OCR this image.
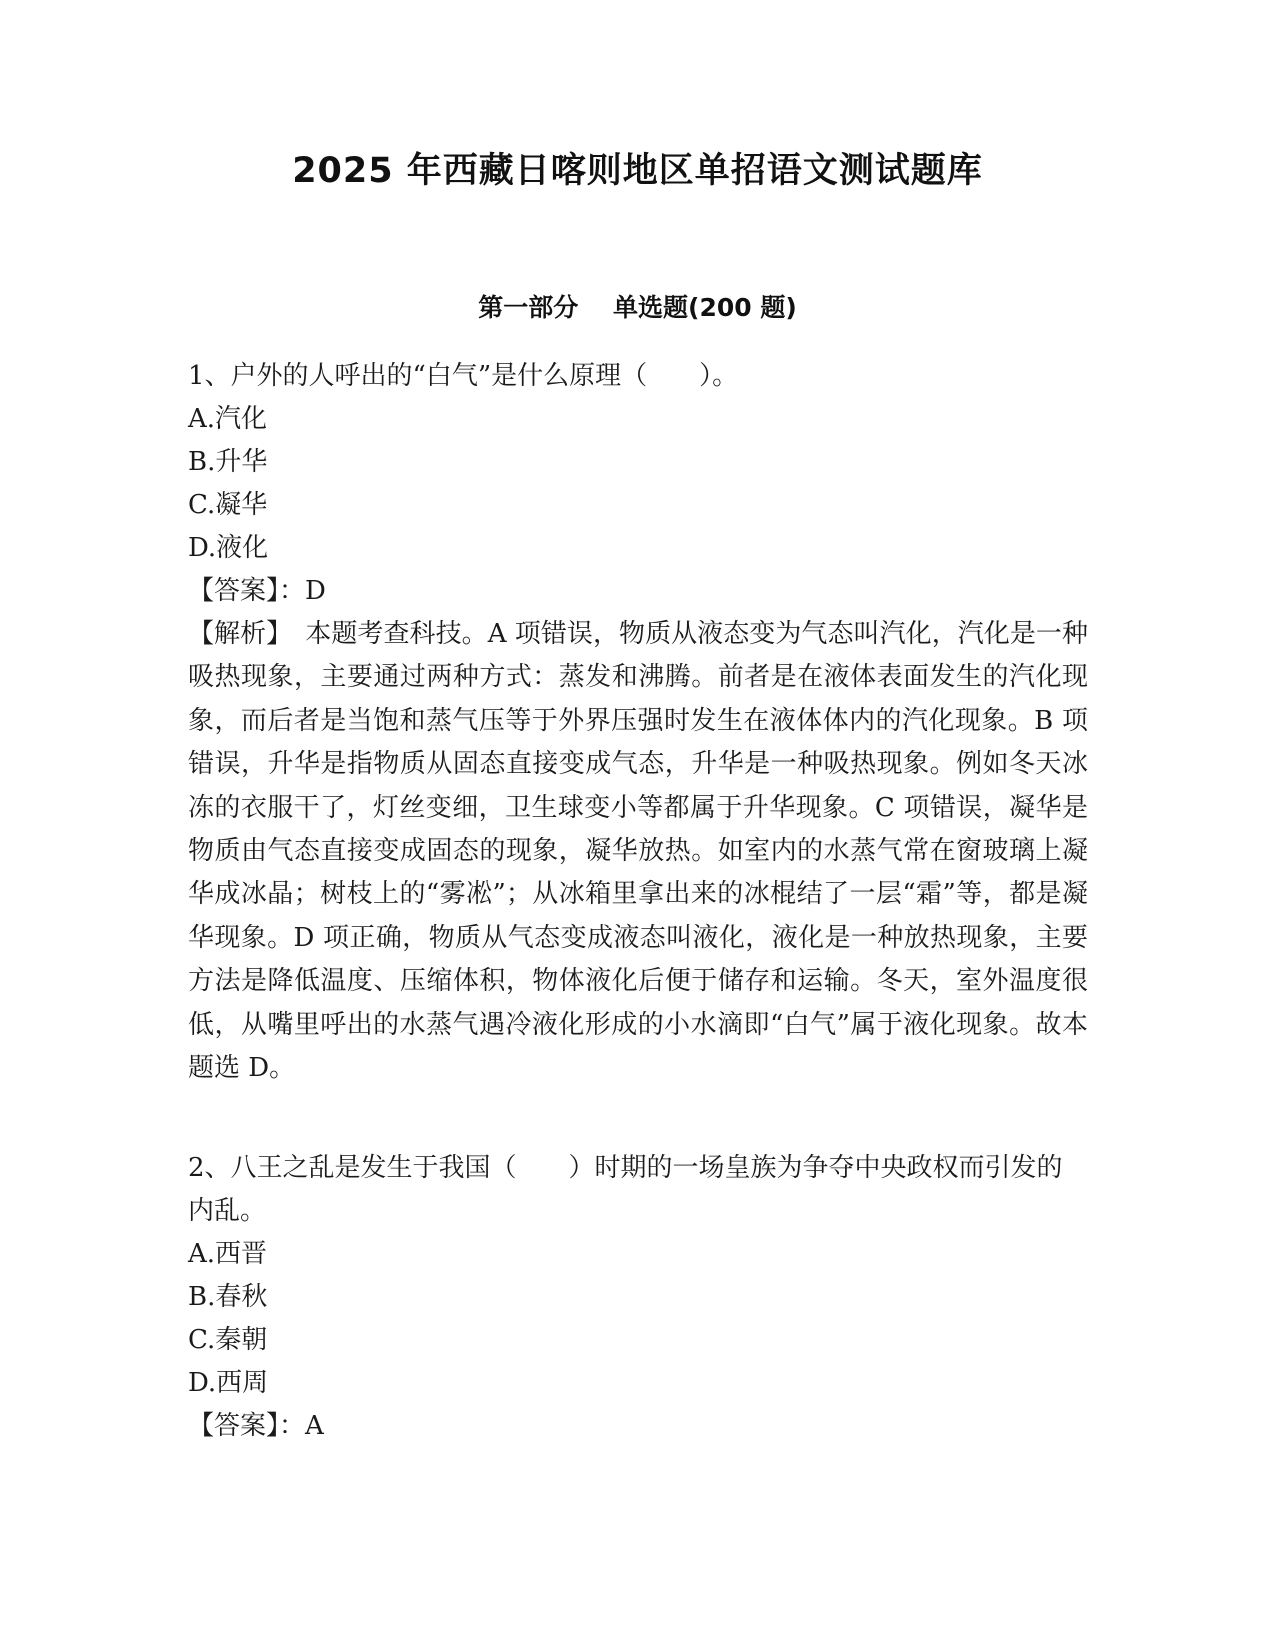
2025 年西藏日喀则地区单招语文测试题库
第一部分    单选题(200 题)
1、户外的人呼出的“白气”是什么原理（　　）。
A.汽化
B.升华
C.凝华
D.液化
【答案】：D

【解析】　本题考查科技。A 项错误，物质从液态变为气态叫汽化，汽化是一种吸热现象，主要通过两种方式：蒸发和沸腾。前者是在液体表面发生的汽化现象，而后者是当饱和蒸气压等于外界压强时发生在液体体内的汽化现象。B 项错误，升华是指物质从固态直接变成气态，升华是一种吸热现象。例如冬天冰冻的衣服干了，灯丝变细，卫生球变小等都属于升华现象。C 项错误，凝华是物质由气态直接变成固态的现象，凝华放热。如室内的水蒸气常在窗玻璃上凝华成冰晶；树枝上的“雾凇”；从冰箱里拿出来的冰棍结了一层“霜”等，都是凝华现象。D 项正确，物质从气态变成液态叫液化，液化是一种放热现象，主要方法是降低温度、压缩体积，物体液化后便于储存和运输。冬天，室外温度很低，从嘴里呼出的水蒸气遇冷液化形成的小水滴即“白气”属于液化现象。故本题选 D。

2、八王之乱是发生于我国（　　）时期的一场皇族为争夺中央政权而引发的内乱。

A.西晋
B.春秋
C.秦朝
D.西周
【答案】：A
